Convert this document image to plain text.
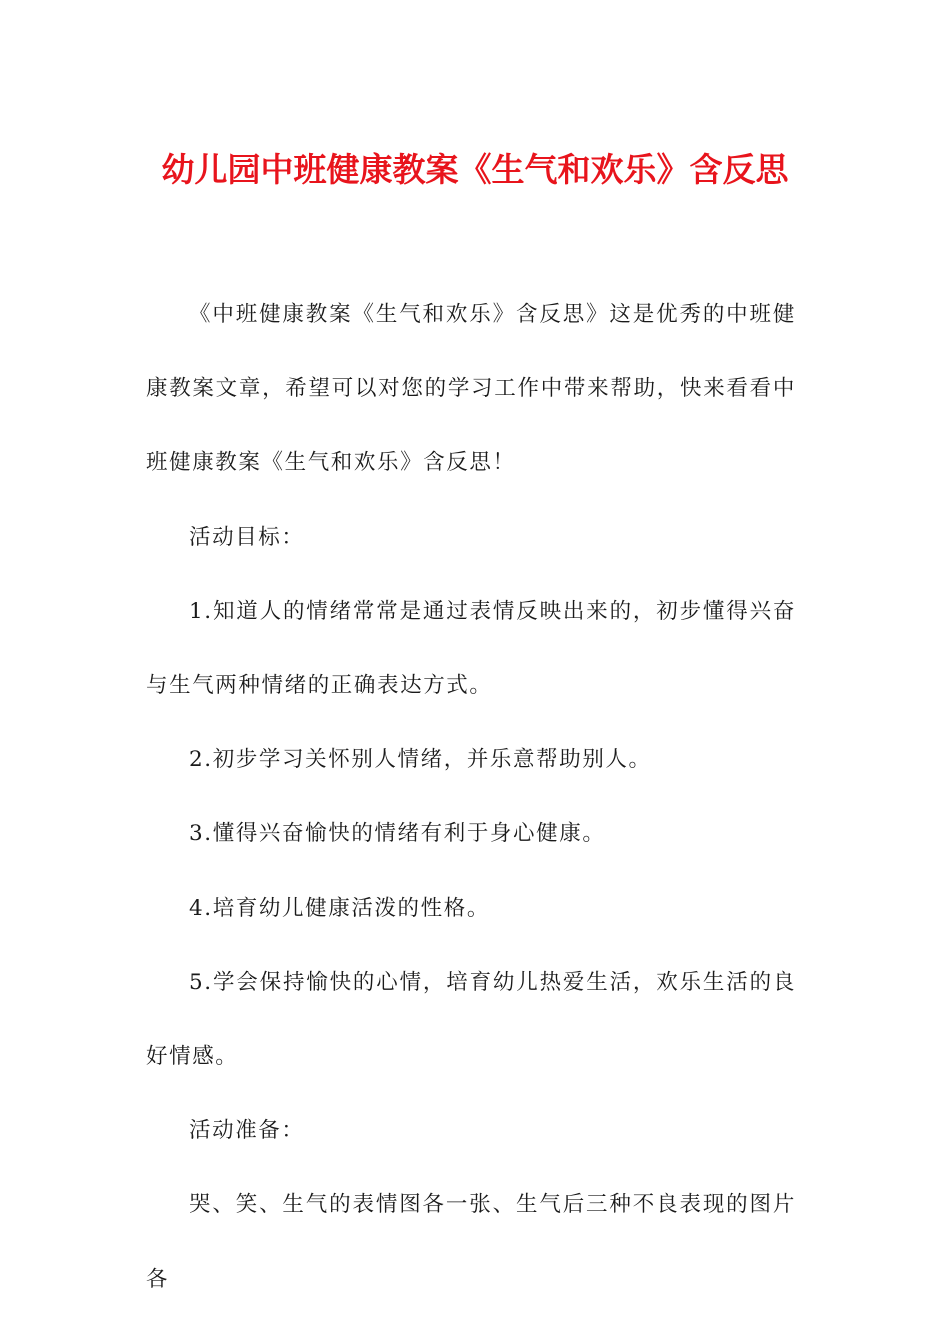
幼儿园中班健康教案《生气和欢乐》含反思

《中班健康教案《生气和欢乐》含反思》这是优秀的中班健康教案文章，希望可以对您的学习工作中带来帮助，快来看看中班健康教案《生气和欢乐》含反思！

活动目标：

1.知道人的情绪常常是通过表情反映出来的，初步懂得兴奋与生气两种情绪的正确表达方式。

2.初步学习关怀别人情绪，并乐意帮助别人。

3.懂得兴奋愉快的情绪有利于身心健康。

4.培育幼儿健康活泼的性格。

5.学会保持愉快的心情，培育幼儿热爱生活，欢乐生活的良好情感。

活动准备：

哭、笑、生气的表情图各一张、生气后三种不良表现的图片各
